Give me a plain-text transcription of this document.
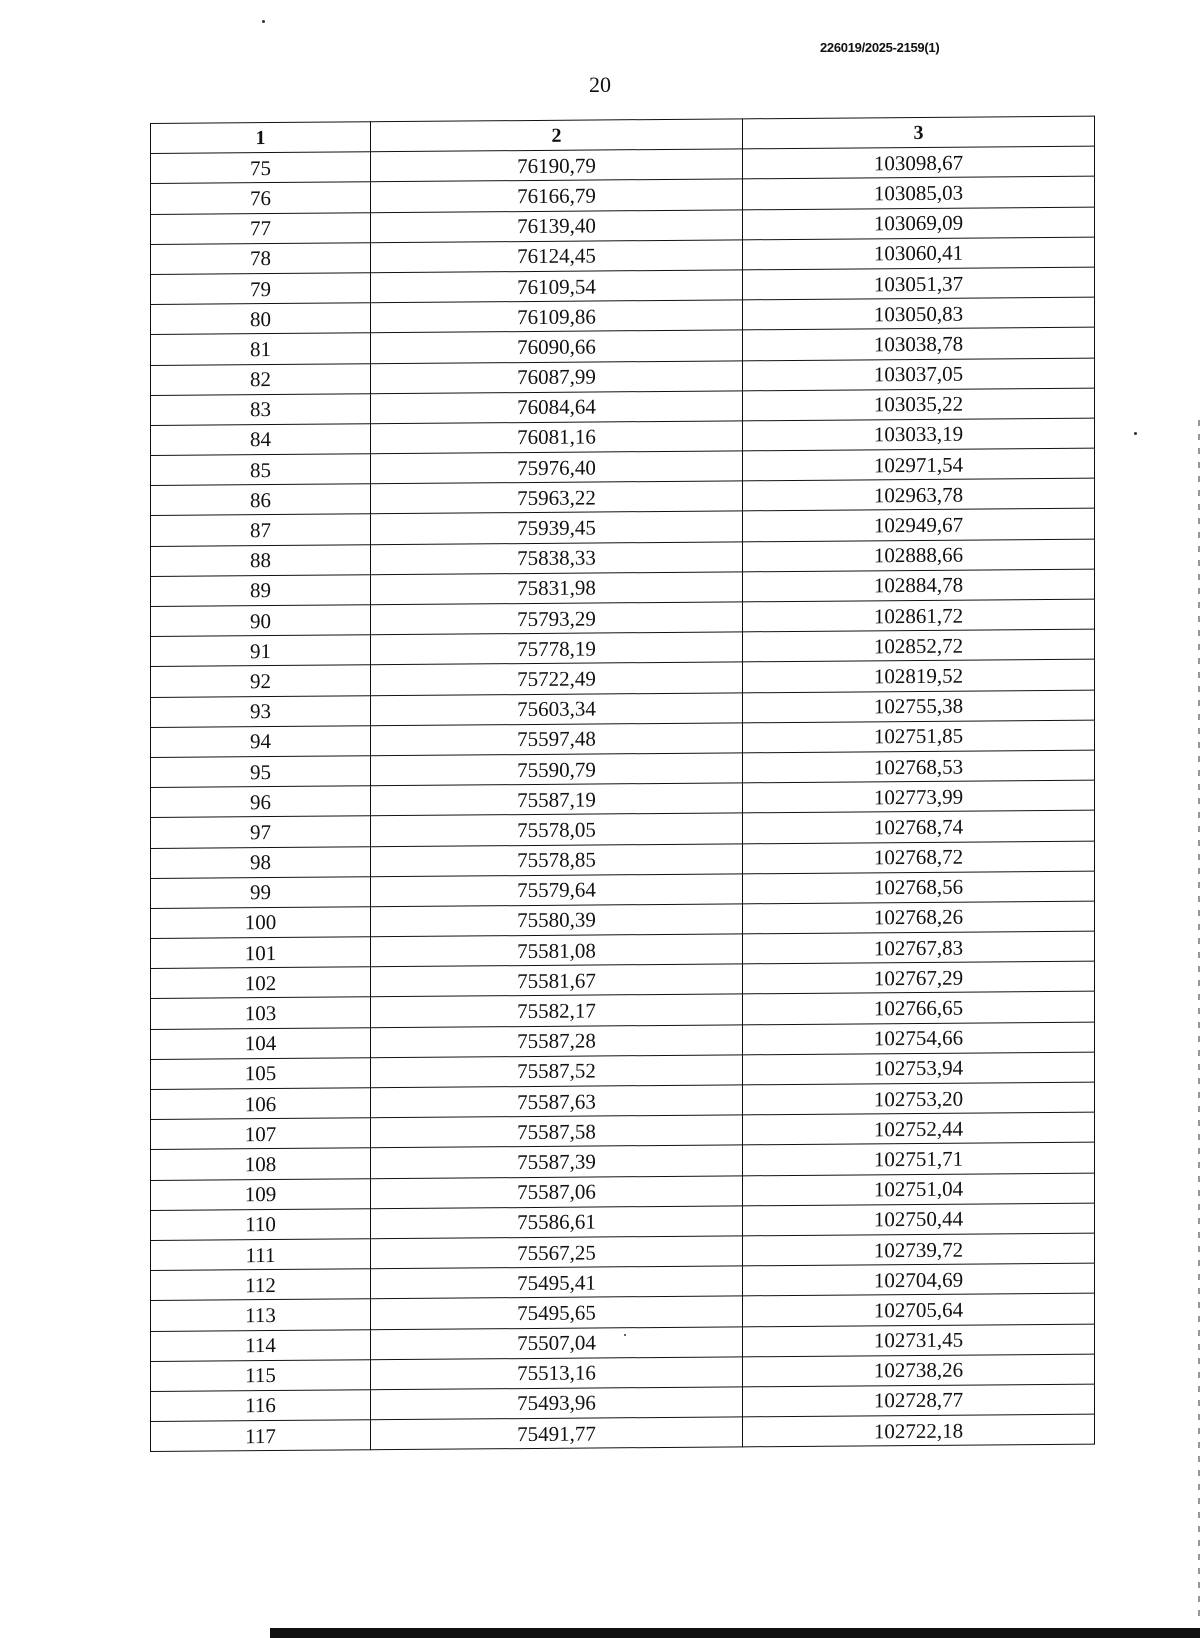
226019/2025-2159(1)
20
1	2	3
75	76190,79	103098,67
76	76166,79	103085,03
77	76139,40	103069,09
78	76124,45	103060,41
79	76109,54	103051,37
80	76109,86	103050,83
81	76090,66	103038,78
82	76087,99	103037,05
83	76084,64	103035,22
84	76081,16	103033,19
85	75976,40	102971,54
86	75963,22	102963,78
87	75939,45	102949,67
88	75838,33	102888,66
89	75831,98	102884,78
90	75793,29	102861,72
91	75778,19	102852,72
92	75722,49	102819,52
93	75603,34	102755,38
94	75597,48	102751,85
95	75590,79	102768,53
96	75587,19	102773,99
97	75578,05	102768,74
98	75578,85	102768,72
99	75579,64	102768,56
100	75580,39	102768,26
101	75581,08	102767,83
102	75581,67	102767,29
103	75582,17	102766,65
104	75587,28	102754,66
105	75587,52	102753,94
106	75587,63	102753,20
107	75587,58	102752,44
108	75587,39	102751,71
109	75587,06	102751,04
110	75586,61	102750,44
111	75567,25	102739,72
112	75495,41	102704,69
113	75495,65	102705,64
114	75507,04	102731,45
115	75513,16	102738,26
116	75493,96	102728,77
117	75491,77	102722,18
